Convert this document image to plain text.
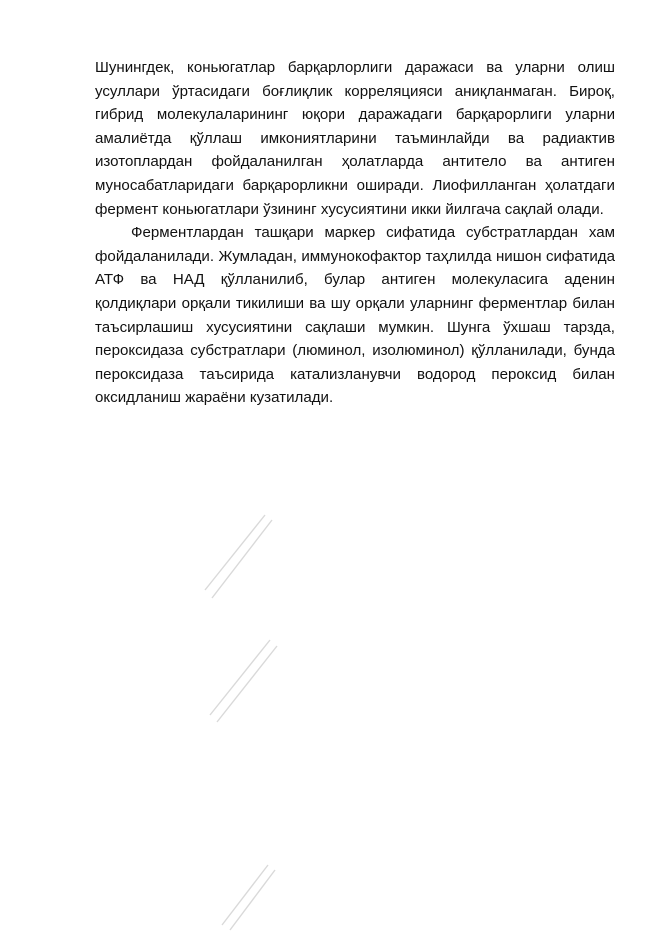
Шунингдек, коньюгатлар барқарлорлиги даражаси ва уларни олиш усуллари ўртасидаги боғлиқлик корреляцияси аниқланмаган. Бироқ, гибрид молекулаларининг юқори даражадаги барқарорлиги уларни амалиётда қўллаш имкониятларини таъминлайди ва радиактив изотоплардан фойдаланилган ҳолатларда антитело ва антиген муносабатларидаги барқарорликни оширади. Лиофилланган ҳолатдаги фермент коньюгатлари ўзининг хусусиятини икки йилгача сақлай олади.

Ферментлардан ташқари маркер сифатида субстратлардан хам фойдаланилади. Жумладан, иммунокофактор таҳлилда нишон сифатида АТФ ва НАД қўлланилиб, булар антиген молекуласига аденин қолдиқлари орқали тикилиши ва шу орқали уларнинг ферментлар билан таъсирлашиш хусусиятини сақлаши мумкин. Шунга ўхшаш тарзда, пероксидаза субстратлари (люминол, изолюминол) қўлланилади, бунда пероксидаза таъсирида катализланувчи водород пероксид билан оксидланиш жараёни кузатилади.
